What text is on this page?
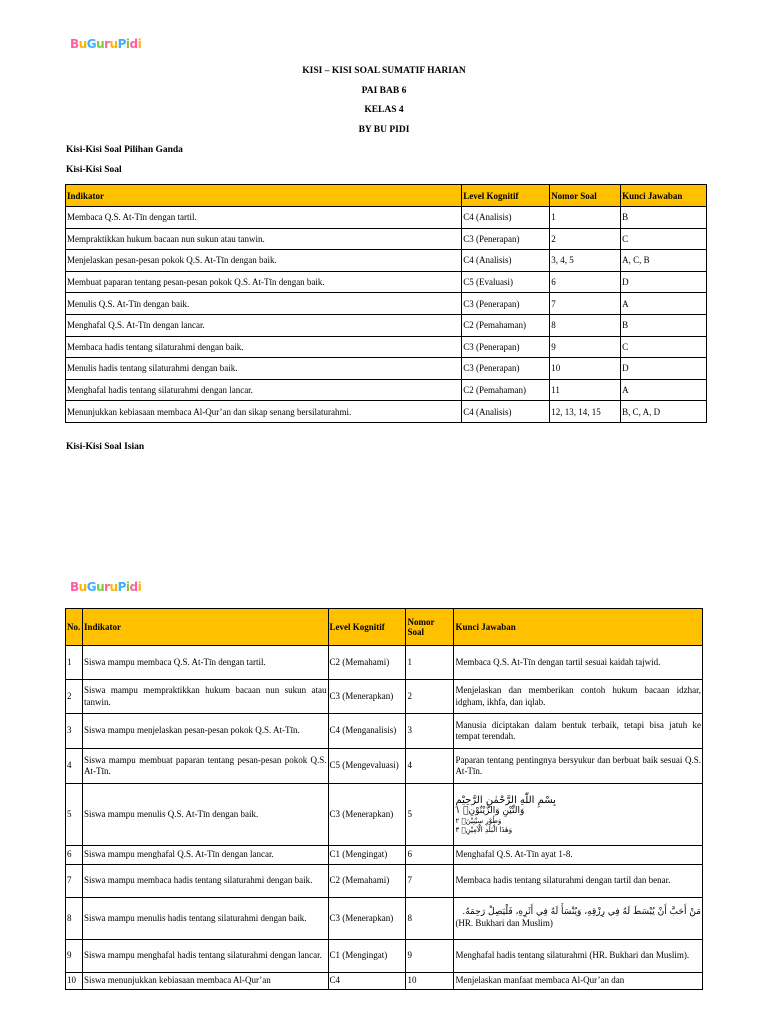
BuGuruPidi
KISI – KISI SOAL SUMATIF HARIAN
PAI BAB 6
KELAS 4
BY BU PIDI
Kisi-Kisi Soal Pilihan Ganda
Kisi-Kisi Soal
Indikator	Level Kognitif	Nomor Soal	Kunci Jawaban
Membaca Q.S. At-Tīn dengan tartil.	C4 (Analisis)	1	B
Mempraktikkan hukum bacaan nun sukun atau tanwin.	C3 (Penerapan)	2	C
Menjelaskan pesan-pesan pokok Q.S. At-Tīn dengan baik.	C4 (Analisis)	3, 4, 5	A, C, B
Membuat paparan tentang pesan-pesan pokok Q.S. At-Tīn dengan baik.	C5 (Evaluasi)	6	D
Menulis Q.S. At-Tīn dengan baik.	C3 (Penerapan)	7	A
Menghafal Q.S. At-Tīn dengan lancar.	C2 (Pemahaman)	8	B
Membaca hadis tentang silaturahmi dengan baik.	C3 (Penerapan)	9	C
Menulis hadis tentang silaturahmi dengan baik.	C3 (Penerapan)	10	D
Menghafal hadis tentang silaturahmi dengan lancar.	C2 (Pemahaman)	11	A
Menunjukkan kebiasaan membaca Al-Qur’an dan sikap senang bersilaturahmi.	C4 (Analisis)	12, 13, 14, 15	B, C, A, D
Kisi-Kisi Soal Isian
BuGuruPidi
No.	Indikator	Level Kognitif	Nomor Soal	Kunci Jawaban
1	Siswa mampu membaca Q.S. At-Tīn dengan tartil.	C2 (Memahami)	1	Membaca Q.S. At-Tīn dengan tartil sesuai kaidah tajwid.
2	Siswa mampu mempraktikkan hukum bacaan nun sukun atau tanwin.	C3 (Menerapkan)	2	Menjelaskan dan memberikan contoh hukum bacaan idzhar, idgham, ikhfa, dan iqlab.
3	Siswa mampu menjelaskan pesan-pesan pokok Q.S. At-Tīn.	C4 (Menganalisis)	3	Manusia diciptakan dalam bentuk terbaik, tetapi bisa jatuh ke tempat terendah.
4	Siswa mampu membuat paparan tentang pesan-pesan pokok Q.S. At-Tīn.	C5 (Mengevaluasi)	4	Paparan tentang pentingnya bersyukur dan berbuat baik sesuai Q.S. At-Tīn.
5	Siswa mampu menulis Q.S. At-Tīn dengan baik.	C3 (Menerapkan)	5	بِسْمِ اللّٰهِ الرَّحْمٰنِ الرَّحِيْمِ
وَالتِّيْنِ وَالزَّيْتُوْنِۙ ١
وَطُوْرِ سِيْنِيْنَۙ ٢
وَهٰذَا الْبَلَدِ الْاَمِيْنِۙ ٣

6	Siswa mampu menghafal Q.S. At-Tīn dengan lancar.	C1 (Mengingat)	6	Menghafal Q.S. At-Tīn ayat 1-8.
7	Siswa mampu membaca hadis tentang silaturahmi dengan baik.	C2 (Memahami)	7	Membaca hadis tentang silaturahmi dengan tartil dan benar.
8	Siswa mampu menulis hadis tentang silaturahmi dengan baik.	C3 (Menerapkan)	8	مَنْ أَحَبَّ أَنْ يُبْسَطَ لَهُ فِي رِزْقِهِ، وَيُنْسَأَ لَهُ فِي أَثَرِهِ، فَلْيَصِلْ رَحِمَهُ.
(HR. Bukhari dan Muslim)

9	Siswa mampu menghafal hadis tentang silaturahmi dengan lancar.	C1 (Mengingat)	9	Menghafal hadis tentang silaturahmi (HR. Bukhari dan Muslim).
10	Siswa menunjukkan kebiasaan membaca Al-Qur’an	C4	10	Menjelaskan manfaat membaca Al-Qur’an dan
